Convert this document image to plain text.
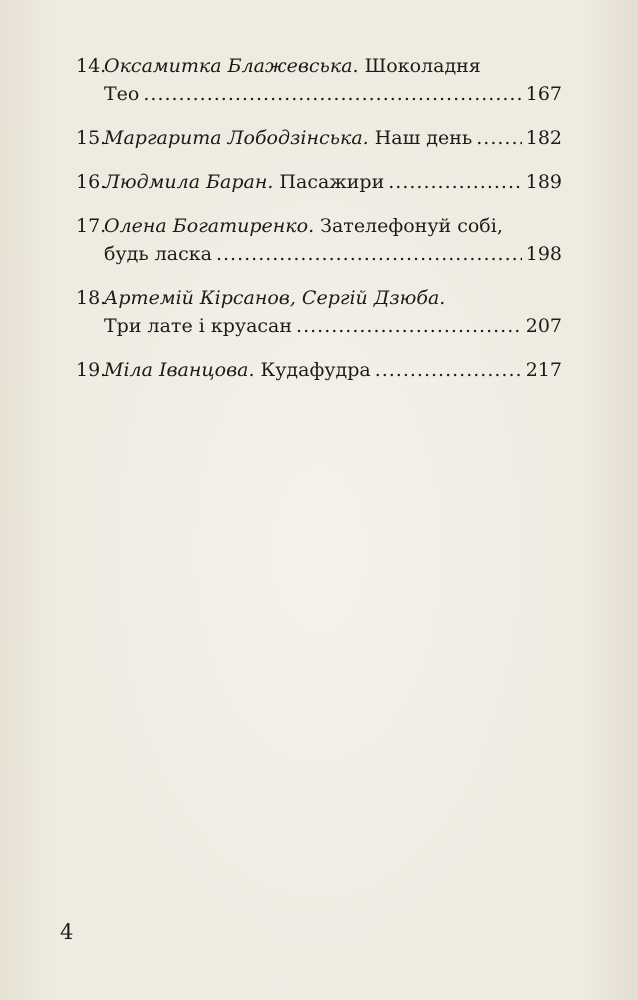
14.
Оксамитка Блажевська. Шоколадня
Тео .....	167
15.
Маргарита Лободзінська. Наш день .....	182
16.
Людмила Баран. Пасажири .....	189
17.
Олена Богатиренко. Зателефонуй собі,
будь ласка .....	198
18.
Артемій Кірсанов, Сергій Дзюба.
Три лате і круасан .....	207
19.
Міла Іванцова. Кудафудра .....	217
4
